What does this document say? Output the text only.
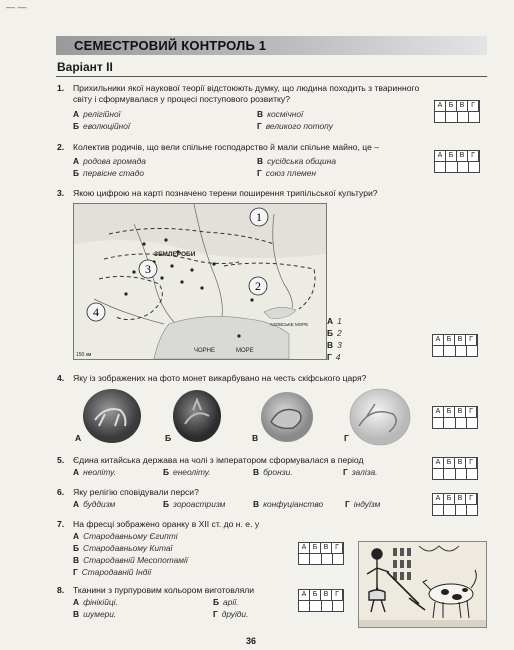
— —
СЕМЕСТРОВИЙ КОНТРОЛЬ 1
Варіант ІІ
1. Прихильники якої наукової теорії відстоюють думку, що людина походить з тваринного світу і сформувалася у процесі поступового розвитку?
А релігійної
Б еволюційної
В космічної
Г великого потопу
А Б В Г
2. Колектив родичів, що вели спільне господарство й мали спільне майно, це –
А родова громада
Б первісне стадо
В сусідська община
Г союз племен
А Б В Г
3. Якою цифрою на карті позначено терени поширення трипільської культури?
1
2
3
4
ЗЕМЛЕРОБИ
ЧОРНЕ	МОРЕ
АЗОВСЬКЕ МОРЕ
150 км
А 1
Б 2
В 3
Г 4
А Б В Г
4. Яку із зображених на фото монет викарбувано на честь скіфського царя?
А	Б	В	Г
А Б В Г
5. Єдина китайська держава на чолі з імператором сформувалася в період
А неоліту.	Б енеоліту.	В бронзи.	Г заліза.
А Б В Г
6. Яку релігію сповідували перси?
А буддизм	Б зороастризм	В конфуціанство	Г індуїзм
А Б В Г
7. На фресці зображено оранку в ХІІ ст. до н. е. у
А Стародавньому Єгипті
Б Стародавньому Китаї
В Стародавній Месопотамії
Г Стародавній Індії
А Б В Г
8. Тканини з пурпуровим кольором виготовляли
А фінікійці.
В шумери.
Б арії.
Г друїди.
А Б В Г
36
